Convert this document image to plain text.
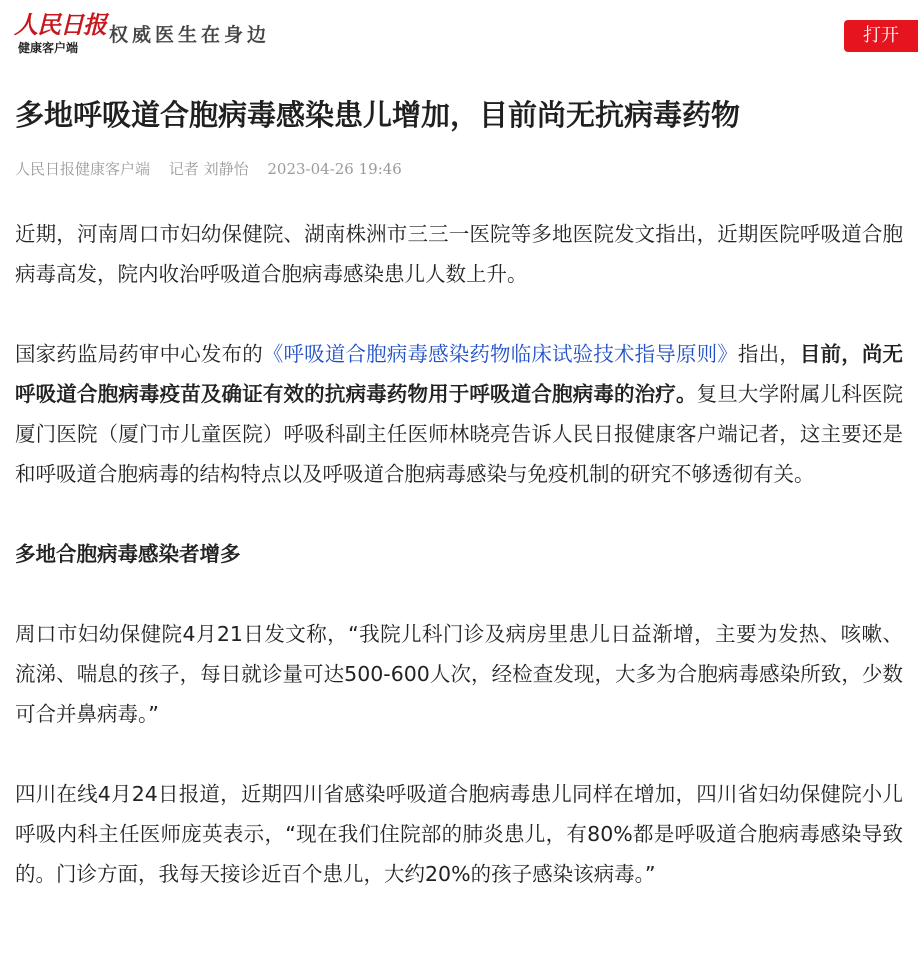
人民日报
健康客户端
权威医生在身边	打开
多地呼吸道合胞病毒感染患儿增加，目前尚无抗病毒药物
人民日报健康客户端 记者 刘静怡 2023-04-26 19:46

近期，河南周口市妇幼保健院、湖南株洲市三三一医院等多地医院发文指出，近期医院呼吸道合胞病毒高发，院内收治呼吸道合胞病毒感染患儿人数上升。

国家药监局药审中心发布的《呼吸道合胞病毒感染药物临床试验技术指导原则》指出，目前，尚无呼吸道合胞病毒疫苗及确证有效的抗病毒药物用于呼吸道合胞病毒的治疗。复旦大学附属儿科医院厦门医院（厦门市儿童医院）呼吸科副主任医师林晓亮告诉人民日报健康客户端记者，这主要还是和呼吸道合胞病毒的结构特点以及呼吸道合胞病毒感染与免疫机制的研究不够透彻有关。

多地合胞病毒感染者增多

周口市妇幼保健院4月21日发文称，“我院儿科门诊及病房里患儿日益渐增，主要为发热、咳嗽、流涕、喘息的孩子，每日就诊量可达500-600人次，经检查发现，大多为合胞病毒感染所致，少数可合并鼻病毒。”

四川在线4月24日报道，近期四川省感染呼吸道合胞病毒患儿同样在增加，四川省妇幼保健院小儿呼吸内科主任医师庞英表示，“现在我们住院部的肺炎患儿，有80%都是呼吸道合胞病毒感染导致的。门诊方面，我每天接诊近百个患儿，大约20%的孩子感染该病毒。”
